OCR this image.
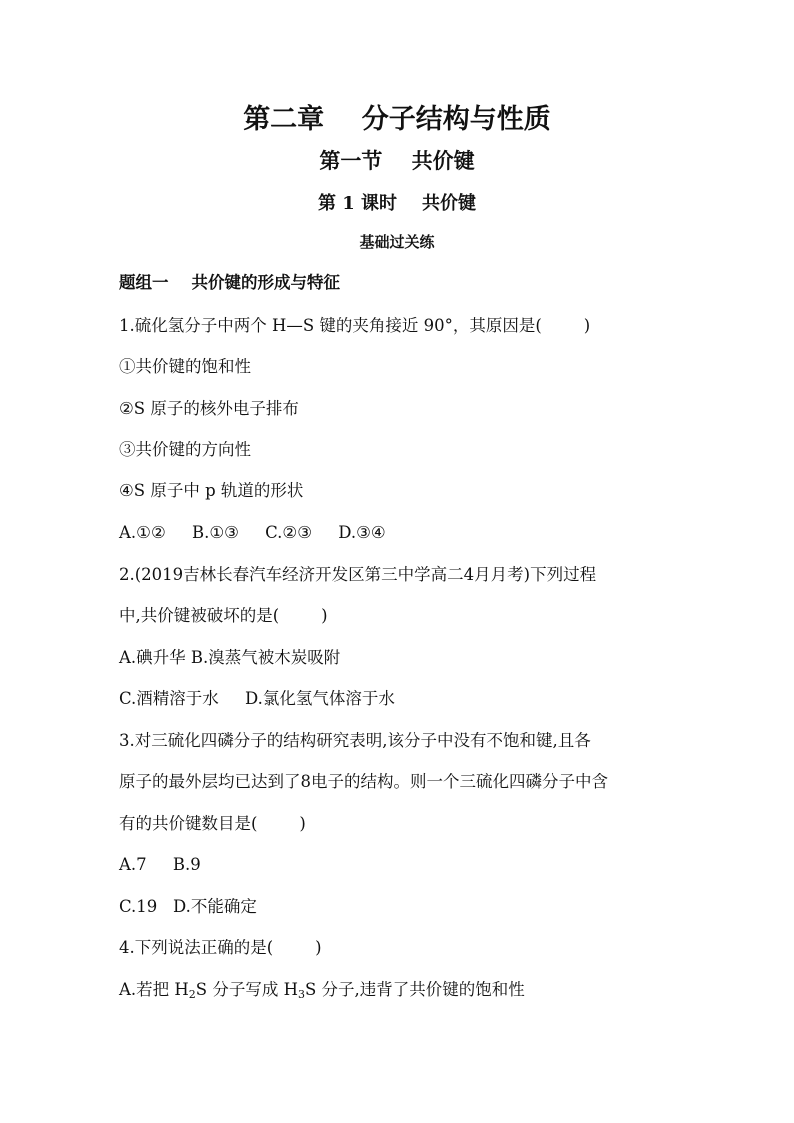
第二章    分子结构与性质
第一节    共价键
第 1 课时    共价键
基础过关练
题组一    共价键的形成与特征
1.硫化氢分子中两个 H—S 键的夹角接近 90°，其原因是(        )
①共价键的饱和性
②S 原子的核外电子排布
③共价键的方向性
④S 原子中 p 轨道的形状
A.①②     B.①③     C.②③     D.③④
2.(2019吉林长春汽车经济开发区第三中学高二4月月考)下列过程
中,共价键被破坏的是(        )
A.碘升华 B.溴蒸气被木炭吸附
C.酒精溶于水     D.氯化氢气体溶于水
3.对三硫化四磷分子的结构研究表明,该分子中没有不饱和键,且各
原子的最外层均已达到了8电子的结构。则一个三硫化四磷分子中含
有的共价键数目是(        )
A.7     B.9
C.19   D.不能确定
4.下列说法正确的是(        )
A.若把 $H_2S$ 分子写成 $H_3S$ 分子,违背了共价键的饱和性
